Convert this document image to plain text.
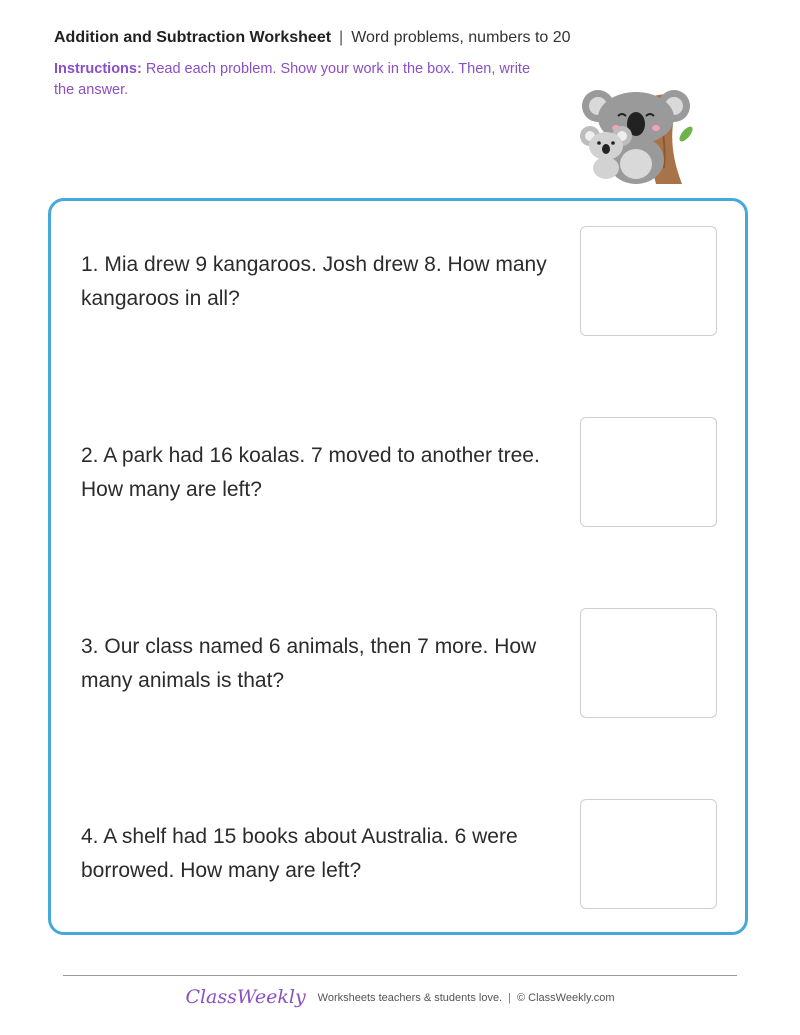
Addition and Subtraction Worksheet | Word problems, numbers to 20
Instructions: Read each problem. Show your work in the box. Then, write the answer.
1. Mia drew 9 kangaroos. Josh drew 8. How many kangaroos in all?
2. A park had 16 koalas. 7 moved to another tree. How many are left?
3. Our class named 6 animals, then 7 more. How many animals is that?
4. A shelf had 15 books about Australia. 6 were borrowed. How many are left?
ClassWeekly Worksheets teachers & students love. | © ClassWeekly.com
